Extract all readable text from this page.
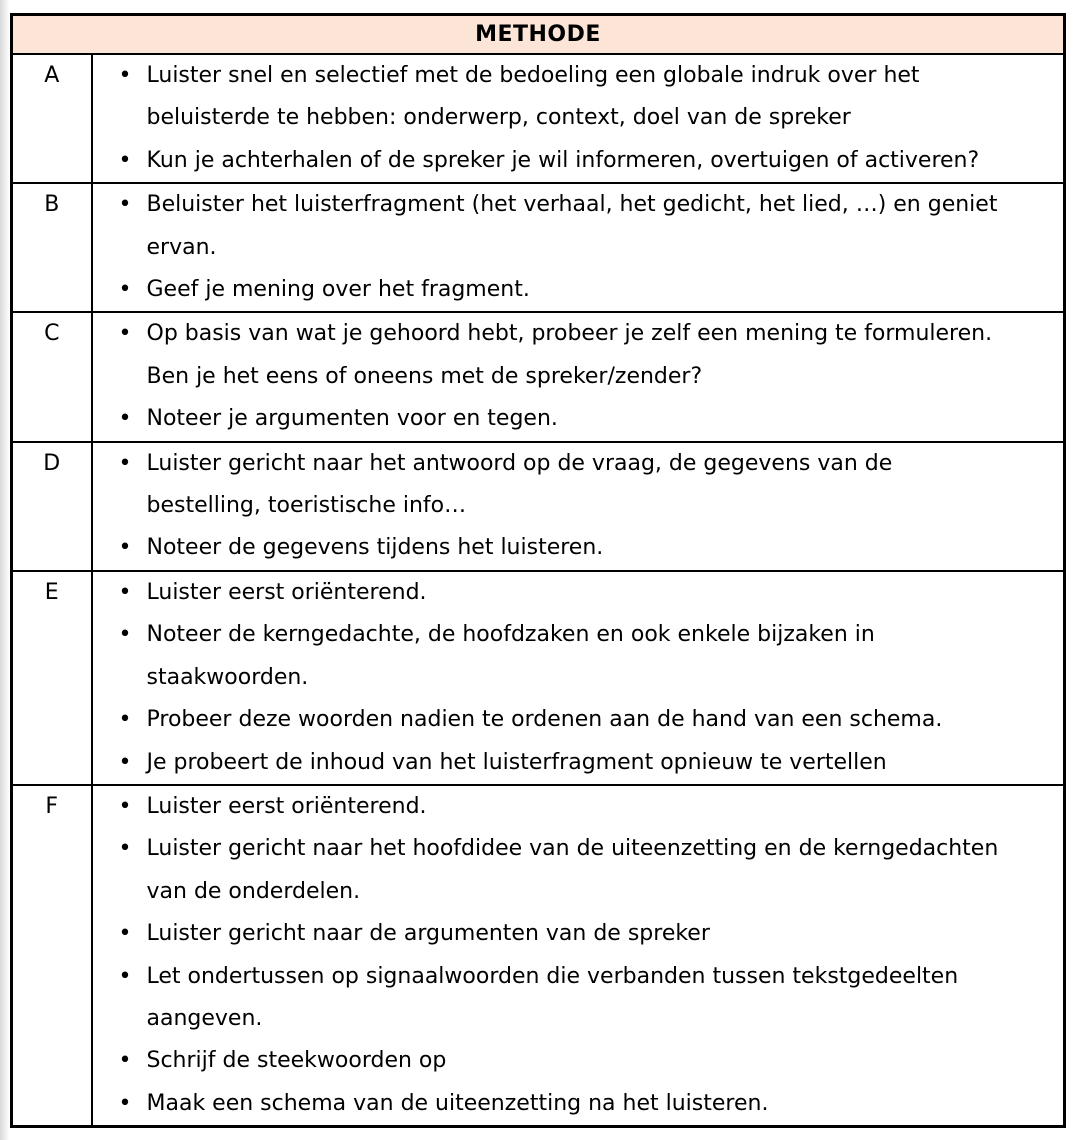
METHODE	
A	• Luister snel en selectief met de bedoeling een globale indruk over het beluisterde te hebben: onderwerp, context, doel van de spreker
• Kun je achterhalen of de spreker je wil informeren, overtuigen of activeren?

B	• Beluister het luisterfragment (het verhaal, het gedicht, het lied, …) en geniet ervan.
• Geef je mening over het fragment.

C	• Op basis van wat je gehoord hebt, probeer je zelf een mening te formuleren. Ben je het eens of oneens met de spreker/zender?
• Noteer je argumenten voor en tegen.

D	• Luister gericht naar het antwoord op de vraag, de gegevens van de bestelling, toeristische info…
• Noteer de gegevens tijdens het luisteren.

E	• Luister eerst oriënterend.
• Noteer de kerngedachte, de hoofdzaken en ook enkele bijzaken in staakwoorden.
• Probeer deze woorden nadien te ordenen aan de hand van een schema.
• Je probeert de inhoud van het luisterfragment opnieuw te vertellen

F	• Luister eerst oriënterend.
• Luister gericht naar het hoofdidee van de uiteenzetting en de kerngedachten van de onderdelen.
• Luister gericht naar de argumenten van de spreker
• Let ondertussen op signaalwoorden die verbanden tussen tekstgedeelten aangeven.
• Schrijf de steekwoorden op
• Maak een schema van de uiteenzetting na het luisteren.
